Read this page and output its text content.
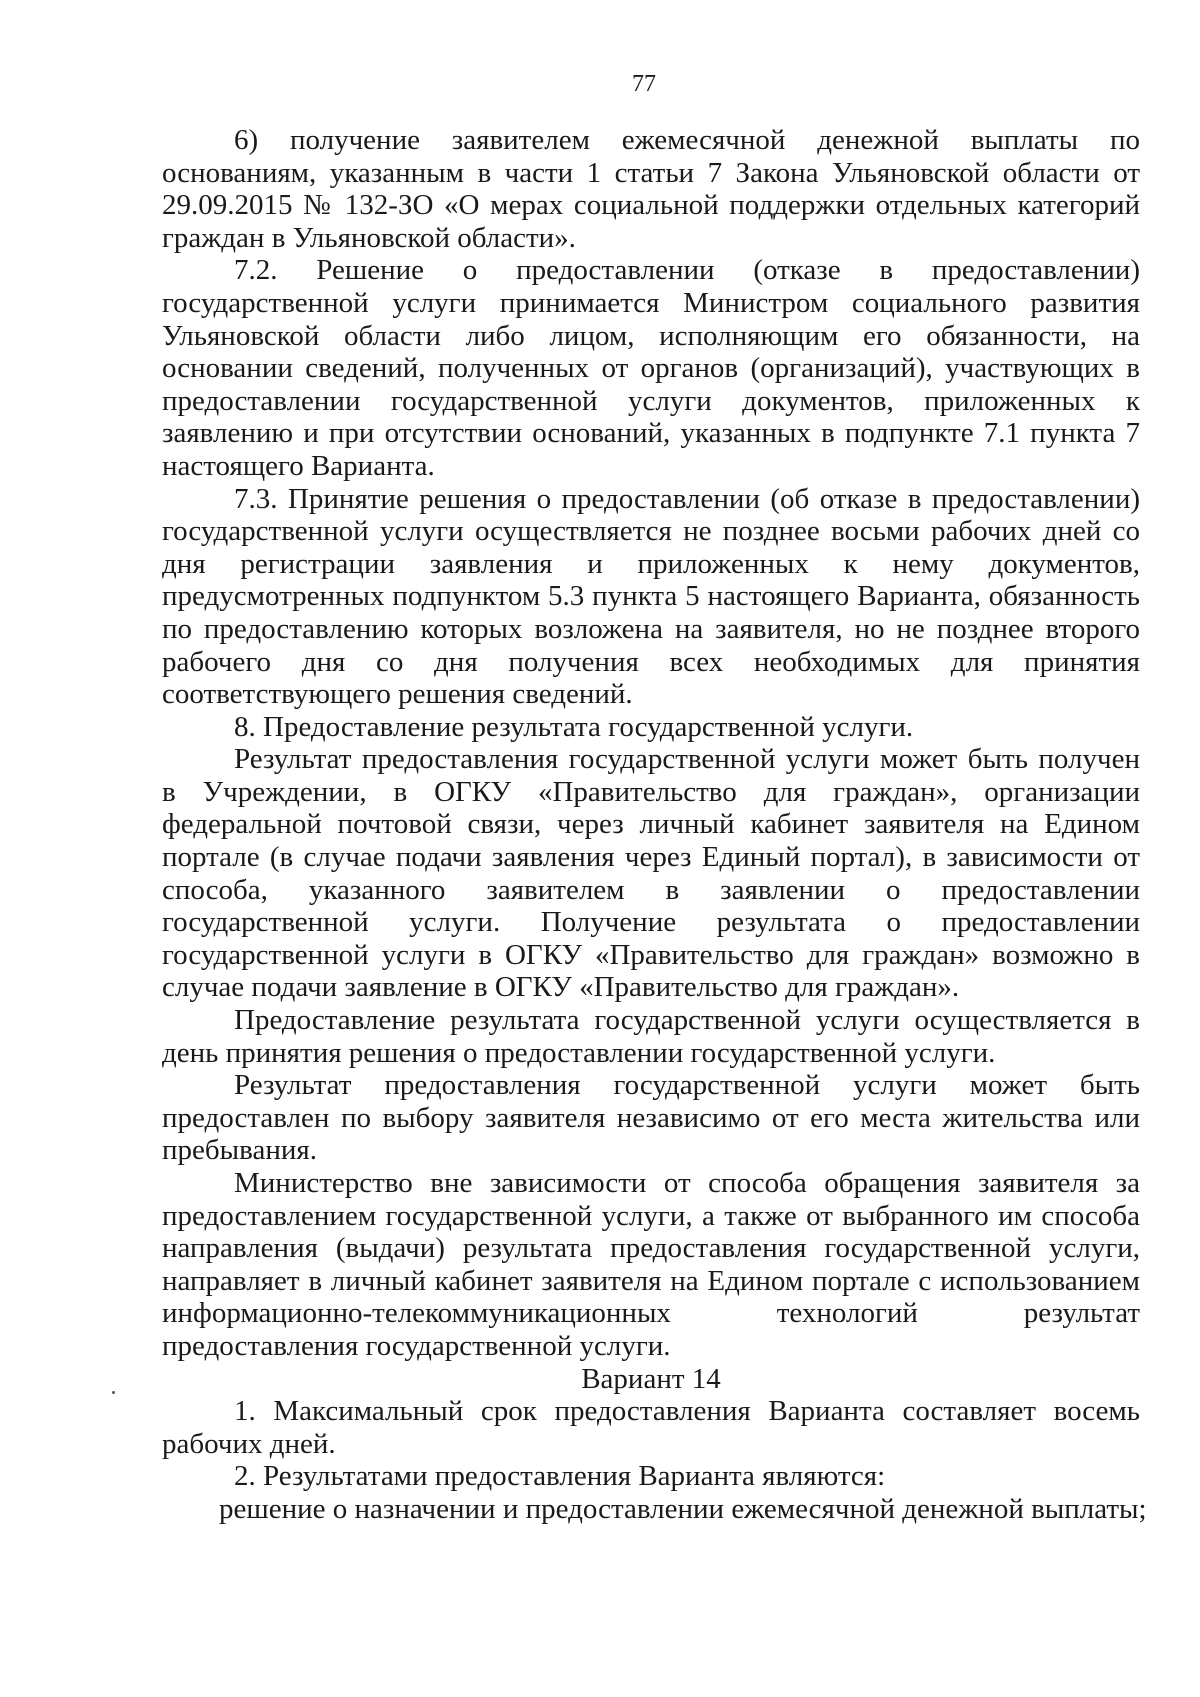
77

6) получение заявителем ежемесячной денежной выплаты по основаниям, указанным в части 1 статьи 7 Закона Ульяновской области от 29.09.2015 № 132-ЗО «О мерах социальной поддержки отдельных категорий граждан в Ульяновской области».

7.2. Решение о предоставлении (отказе в предоставлении) государственной услуги принимается Министром социального развития Ульяновской области либо лицом, исполняющим его обязанности, на основании сведений, полученных от органов (организаций), участвующих в предоставлении государственной услуги документов, приложенных к заявлению и при отсутствии оснований, указанных в подпункте 7.1 пункта 7 настоящего Варианта.

7.3. Принятие решения о предоставлении (об отказе в предоставлении) государственной услуги осуществляется не позднее восьми рабочих дней со дня регистрации заявления и приложенных к нему документов, предусмотренных подпунктом 5.3 пункта 5 настоящего Варианта, обязанность по предоставлению которых возложена на заявителя, но не позднее второго рабочего дня со дня получения всех необходимых для принятия соответствующего решения сведений.

8. Предоставление результата государственной услуги.

Результат предоставления государственной услуги может быть получен в Учреждении, в ОГКУ «Правительство для граждан», организации федеральной почтовой связи, через личный кабинет заявителя на Едином портале (в случае подачи заявления через Единый портал), в зависимости от способа, указанного заявителем в заявлении о предоставлении государственной услуги. Получение результата о предоставлении государственной услуги в ОГКУ «Правительство для граждан» возможно в случае подачи заявление в ОГКУ «Правительство для граждан».

Предоставление результата государственной услуги осуществляется в день принятия решения о предоставлении государственной услуги.

Результат предоставления государственной услуги может быть предоставлен по выбору заявителя независимо от его места жительства или пребывания.

Министерство вне зависимости от способа обращения заявителя за предоставлением государственной услуги, а также от выбранного им способа направления (выдачи) результата предоставления государственной услуги, направляет в личный кабинет заявителя на Едином портале с использованием информационно-телекоммуникационных технологий результат предоставления государственной услуги.

Вариант 14

1. Максимальный срок предоставления Варианта составляет восемь рабочих дней.

2. Результатами предоставления Варианта являются:

решение о назначении и предоставлении ежемесячной денежной выплаты;
